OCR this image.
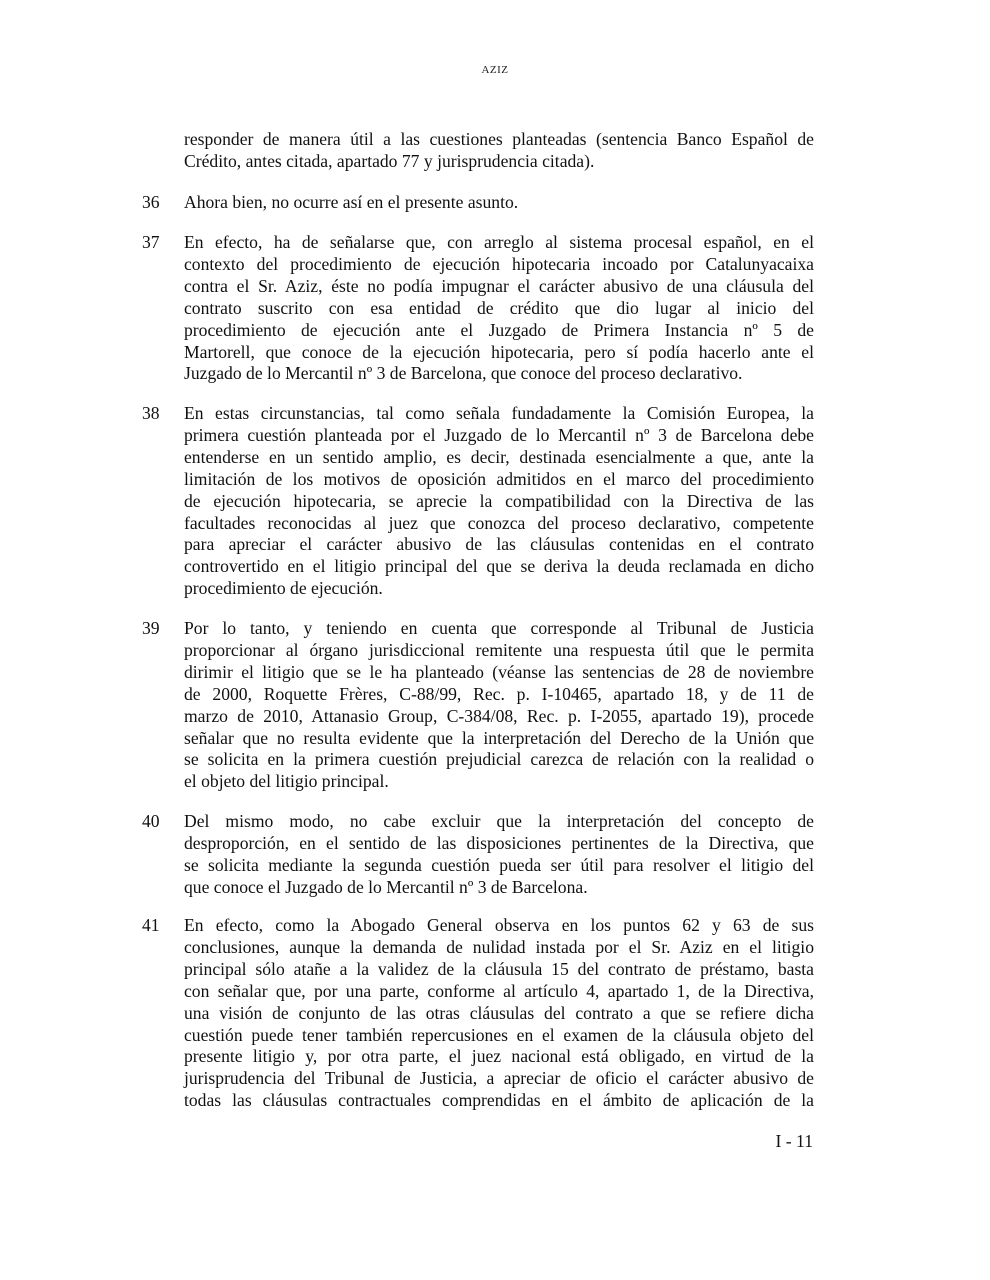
AZIZ
responder de manera útil a las cuestiones planteadas (sentencia Banco Español de
Crédito, antes citada, apartado 77 y jurisprudencia citada).
36	Ahora bien, no ocurre así en el presente asunto.
37	En efecto, ha de señalarse que, con arreglo al sistema procesal español, en el
contexto del procedimiento de ejecución hipotecaria incoado por Catalunyacaixa
contra el Sr. Aziz, éste no podía impugnar el carácter abusivo de una cláusula del
contrato suscrito con esa entidad de crédito que dio lugar al inicio del
procedimiento de ejecución ante el Juzgado de Primera Instancia nº 5 de
Martorell, que conoce de la ejecución hipotecaria, pero sí podía hacerlo ante el
Juzgado de lo Mercantil nº 3 de Barcelona, que conoce del proceso declarativo.
38	En estas circunstancias, tal como señala fundadamente la Comisión Europea, la
primera cuestión planteada por el Juzgado de lo Mercantil nº 3 de Barcelona debe
entenderse en un sentido amplio, es decir, destinada esencialmente a que, ante la
limitación de los motivos de oposición admitidos en el marco del procedimiento
de ejecución hipotecaria, se aprecie la compatibilidad con la Directiva de las
facultades reconocidas al juez que conozca del proceso declarativo, competente
para apreciar el carácter abusivo de las cláusulas contenidas en el contrato
controvertido en el litigio principal del que se deriva la deuda reclamada en dicho
procedimiento de ejecución.
39	Por lo tanto, y teniendo en cuenta que corresponde al Tribunal de Justicia
proporcionar al órgano jurisdiccional remitente una respuesta útil que le permita
dirimir el litigio que se le ha planteado (véanse las sentencias de 28 de noviembre
de 2000, Roquette Frères, C-88/99, Rec. p. I-10465, apartado 18, y de 11 de
marzo de 2010, Attanasio Group, C-384/08, Rec. p. I-2055, apartado 19), procede
señalar que no resulta evidente que la interpretación del Derecho de la Unión que
se solicita en la primera cuestión prejudicial carezca de relación con la realidad o
el objeto del litigio principal.
40	Del mismo modo, no cabe excluir que la interpretación del concepto de
desproporción, en el sentido de las disposiciones pertinentes de la Directiva, que
se solicita mediante la segunda cuestión pueda ser útil para resolver el litigio del
que conoce el Juzgado de lo Mercantil nº 3 de Barcelona.
41	En efecto, como la Abogado General observa en los puntos 62 y 63 de sus
conclusiones, aunque la demanda de nulidad instada por el Sr. Aziz en el litigio
principal sólo atañe a la validez de la cláusula 15 del contrato de préstamo, basta
con señalar que, por una parte, conforme al artículo 4, apartado 1, de la Directiva,
una visión de conjunto de las otras cláusulas del contrato a que se refiere dicha
cuestión puede tener también repercusiones en el examen de la cláusula objeto del
presente litigio y, por otra parte, el juez nacional está obligado, en virtud de la
jurisprudencia del Tribunal de Justicia, a apreciar de oficio el carácter abusivo de
todas las cláusulas contractuales comprendidas en el ámbito de aplicación de la
I - 11
